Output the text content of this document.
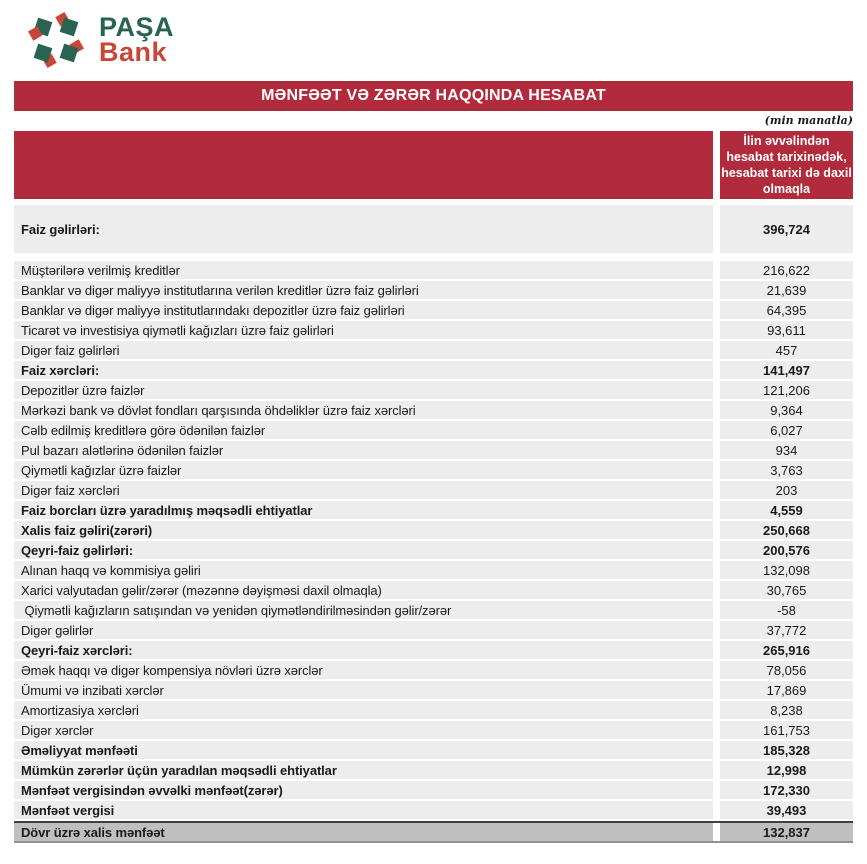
PAŞA
Bank
MƏNFƏƏT VƏ ZƏRƏR HAQQINDA HESABAT
(min manatla)
İlin əvvəlindən hesabat tarixinədək, hesabat tarixi də daxil olmaqla
Faiz gəlirləri:	396,724
Müştərilərə verilmiş kreditlər	216,622
Banklar və digər maliyyə institutlarına verilən kreditlər üzrə faiz gəlirləri	21,639
Banklar və digər maliyyə institutlarındakı depozitlər üzrə faiz gəlirləri	64,395
Ticarət və investisiya qiymətli kağızları üzrə faiz gəlirləri	93,611
Digər faiz gəlirləri	457
Faiz xərcləri:	141,497
Depozitlər üzrə faizlər	121,206
Mərkəzi bank və dövlət fondları qarşısında öhdəliklər üzrə faiz xərcləri	9,364
Cəlb edilmiş kreditlərə görə ödənilən faizlər	6,027
Pul bazarı alətlərinə ödənilən faizlər	934
Qiymətli kağızlar üzrə faizlər	3,763
Digər faiz xərcləri	203
Faiz borcları üzrə yaradılmış məqsədli ehtiyatlar	4,559
Xalis faiz gəliri(zərəri)	250,668
Qeyri-faiz gəlirləri:	200,576
Alınan haqq və kommisiya gəliri	132,098
Xarici valyutadan gəlir/zərər (məzənnə dəyişməsi daxil olmaqla)	30,765
Qiymətli kağızların satışından və yenidən qiymətləndirilməsindən gəlir/zərər	-58
Digər gəlirlər	37,772
Qeyri-faiz xərcləri:	265,916
Əmək haqqı və digər kompensiya növləri üzrə xərclər	78,056
Ümumi və inzibati xərclər	17,869
Amortizasiya xərcləri	8,238
Digər xərclər	161,753
Əməliyyat mənfəəti	185,328
Mümkün zərərlər üçün yaradılan məqsədli ehtiyatlar	12,998
Mənfəət vergisindən əvvəlki mənfəət(zərər)	172,330
Mənfəət vergisi	39,493
Dövr üzrə xalis mənfəət	132,837
